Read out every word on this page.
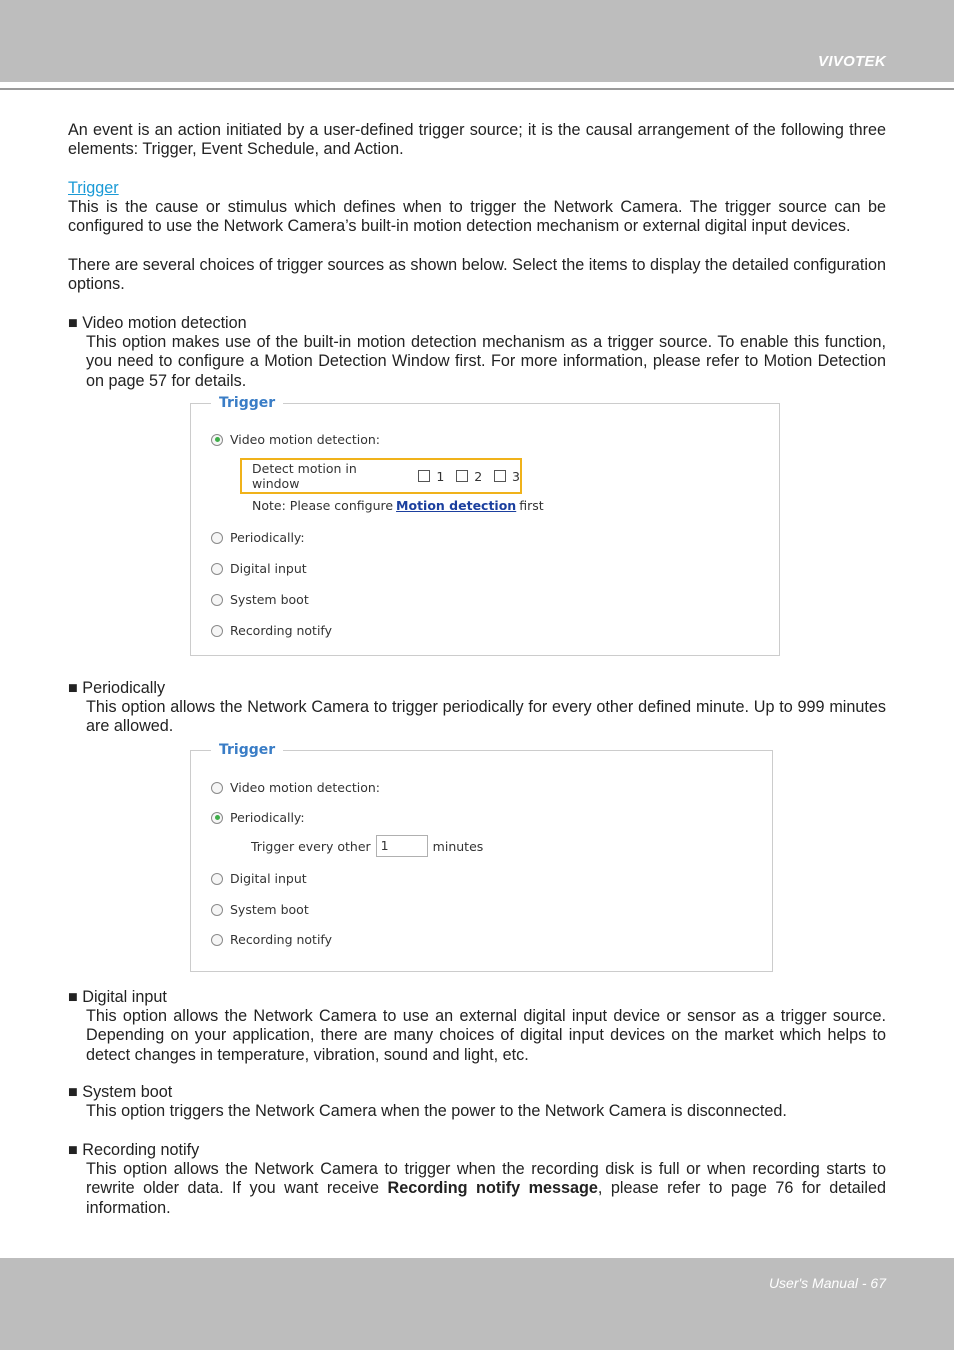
VIVOTEK
An event is an action initiated by a user-defined trigger source; it is the causal arrangement of the following three elements: Trigger, Event Schedule, and Action.
Trigger
This is the cause or stimulus which defines when to trigger the Network Camera. The trigger source can be configured to use the Network Camera’s built-in motion detection mechanism or external digital input devices.
There are several choices of trigger sources as shown below. Select the items to display the detailed configuration options.
■ Video motion detection
This option makes use of the built-in motion detection mechanism as a trigger source. To enable this function, you need to configure a Motion Detection Window first. For more information, please refer to Motion Detection on page 57 for details.
Trigger
Video motion detection:
Detect motion in window	1 2 3
Note: Please configure Motion detection first
Periodically:
Digital input
System boot
Recording notify
■ Periodically
This option allows the Network Camera to trigger periodically for every other defined minute. Up to 999 minutes are allowed.
Trigger
Video motion detection:
Periodically:
Trigger every other 1	minutes
Digital input
System boot
Recording notify
■ Digital input
This option allows the Network Camera to use an external digital input device or sensor as a trigger source. Depending on your application, there are many choices of digital input devices on the market which helps to detect changes in temperature, vibration, sound and light, etc.
■ System boot
This option triggers the Network Camera when the power to the Network Camera is disconnected.
■ Recording notify
This option allows the Network Camera to trigger when the recording disk is full or when recording starts to rewrite older data. If you want receive Recording notify message, please refer to page 76 for detailed information.
User's Manual - 67
